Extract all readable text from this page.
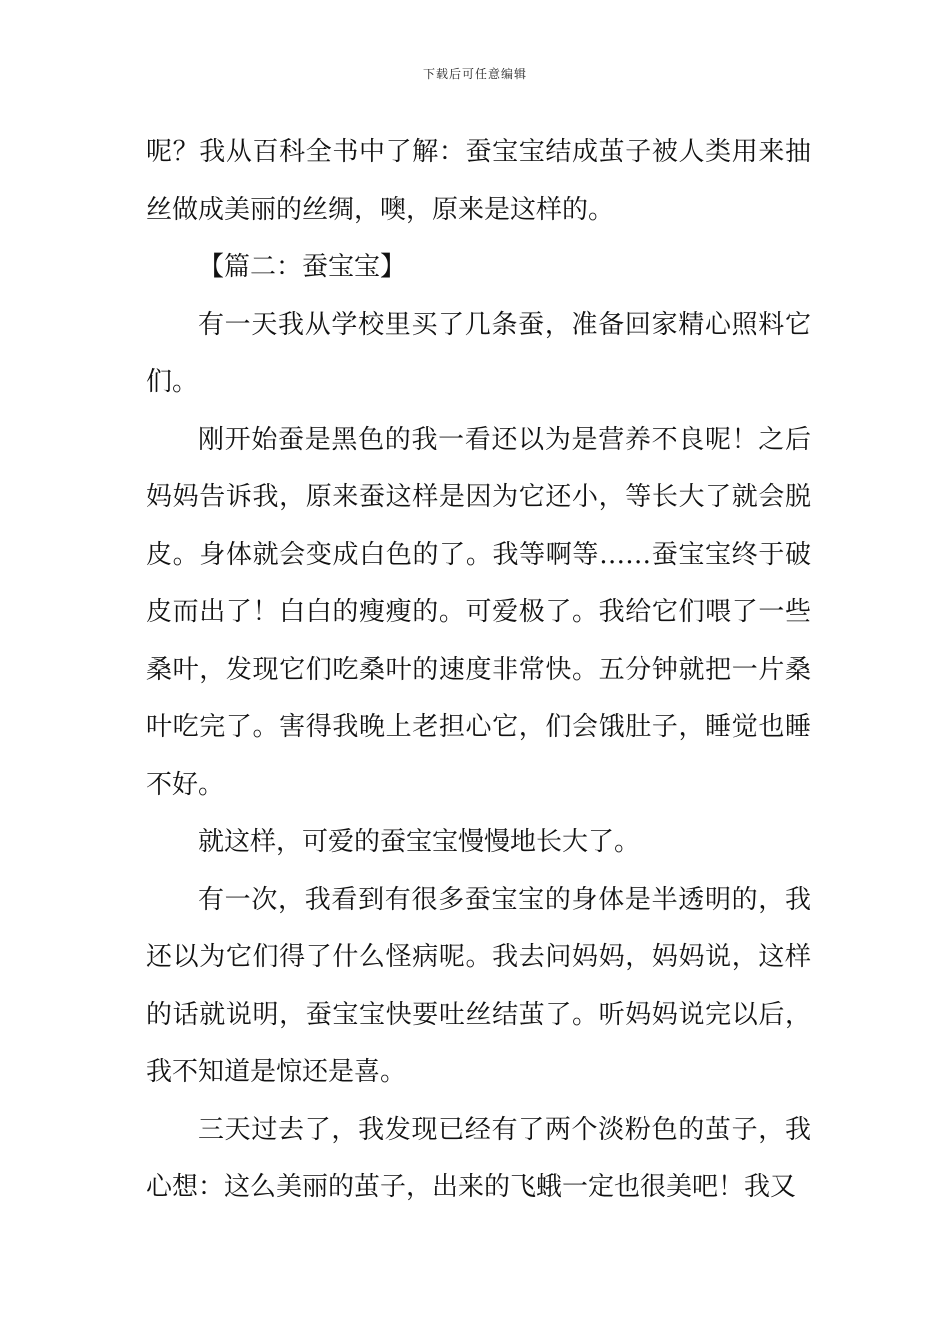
下载后可任意编辑

呢？我从百科全书中了解：蚕宝宝结成茧子被人类用来抽丝做成美丽的丝绸，噢，原来是这样的。

【篇二：蚕宝宝】

有一天我从学校里买了几条蚕，准备回家精心照料它们。

刚开始蚕是黑色的我一看还以为是营养不良呢！之后妈妈告诉我，原来蚕这样是因为它还小，等长大了就会脱皮。身体就会变成白色的了。我等啊等……蚕宝宝终于破皮而出了！白白的瘦瘦的。可爱极了。我给它们喂了一些桑叶，发现它们吃桑叶的速度非常快。五分钟就把一片桑叶吃完了。害得我晚上老担心它，们会饿肚子，睡觉也睡不好。

就这样，可爱的蚕宝宝慢慢地长大了。

有一次，我看到有很多蚕宝宝的身体是半透明的，我还以为它们得了什么怪病呢。我去问妈妈，妈妈说，这样的话就说明，蚕宝宝快要吐丝结茧了。听妈妈说完以后，我不知道是惊还是喜。

三天过去了，我发现已经有了两个淡粉色的茧子，我心想：这么美丽的茧子，出来的飞蛾一定也很美吧！我又
